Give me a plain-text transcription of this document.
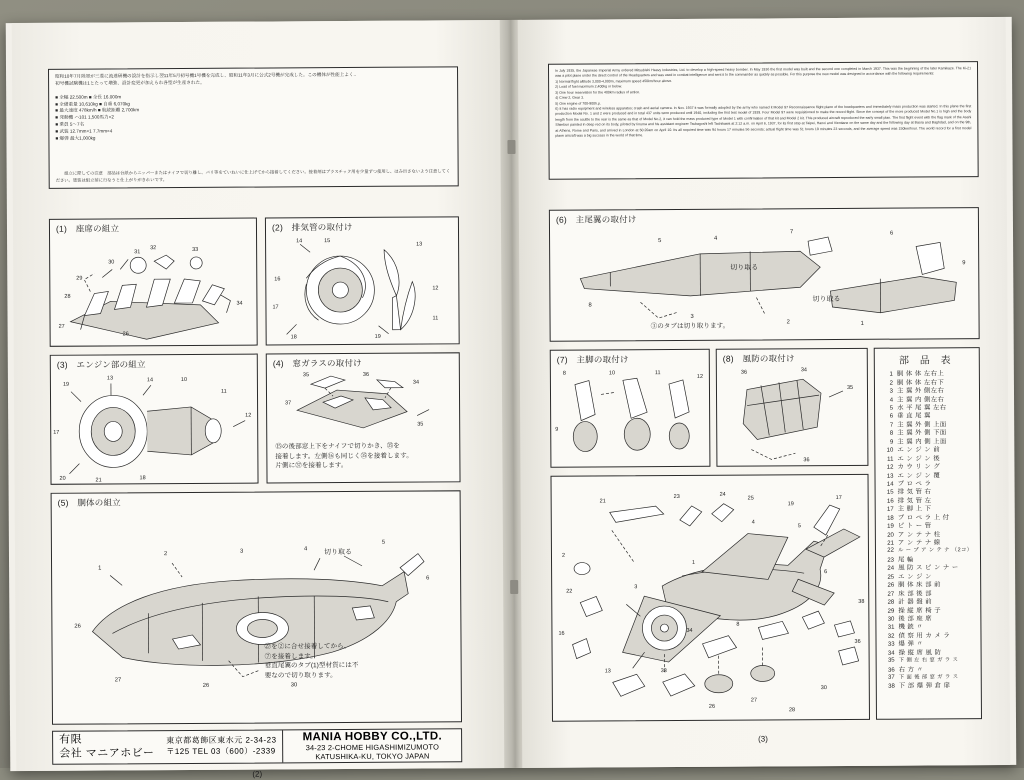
昭和10年7月陸軍が三菱に流達研機の設計を指示し翌11年5月初号機1号機を完成し、昭和11年3月に公式2号機が完成した。この機体が性能上よく..
初号機試験機は1とたって増強、設計変更が加えられ各型が生産された。

■ 全幅 22.500m ■ 全長 16.000m
■ 全備重量 10,610kg ■ 自重 6,070kg
■ 最大速度 478km/h ■ 航続距離 2,700km
■ 発動機 ハ101 1,500馬力×2
■ 乗員 5〜7名
■ 武装 12.7mm×1 7.7mm×4
■ 爆弾 最大1,000kg
　　組立に際しての注意　部品は台紙からニッパーまたはナイフで切り離し、バリ等をていねいに仕上げてから接着してください。接着剤はプラスチック用を少量ずつ使用し、はみ出さないよう注意してください。塗装は組立前に行なうと仕上がりがきれいです。
(1)　座席の組立
31
32	33
30
29
28
27
26
34
(2)　排気管の取付け
14	15
13
16
17
18	19
12
11
(3)　エンジン部の組立
19
13	14	10
11
12
20	21	18
17
(4)　窓ガラスの取付け
35	36
34
37
35
⑮の後部窓上下をナイフで切りかき、㉟を
接着します。左側⑯も同じく㉟を接着します。
片側に㊲を接着します。
(5)　胴体の組立
1
2	3	4
5
26
27
26	30
6
切り取る
㉗を②に合せ接着してから、
⑦を接着します。
垂直尾翼のタブ(1)型材質には不
要なので切り取ります。
有限
会社 マニアホビー
東京都葛飾区東水元 2-34-23
〒125 TEL 03（600）-2339
MANIA HOBBY CO.,LTD.
34-23 2-CHOME HIGASHIMIZUMOTO
KATUSHIKA-KU, TOKYO JAPAN
(2)
In July 1935, the Japanese Imperial Army ordered Mitsubishi Heavy Industries, Ltd. to develop a high-speed heavy bomber. In May 1936 the first model was built and the second one completed in March 1937. This was the beginning of the later Kamikaze. The Ki-21 was a pilot plane under the direct control of the Headquarters and was used in combat intelligence and sent it to the commander as quickly as possible. For this purpose the new model was designed in accordance with the following requirements:
1) Normal flight altitude 3,000-4,000m, maximum speed 450km/hour above.
2) Load of fuel maximum 2,400kg or below.
3) One hour reservation for the 400km radius of action.
4) Crew 2, Gear 3.
5) One engine of 700-900h.p.
6) It has radio equipment and wireless apparatus; crash and aerial camera. In Nov. 1937 it was formally adopted by the army who named it Model 97 Reconnaissance flight plane of the headquarters and immediately mass production was started. In this plane the first production Model No. 1 and 2 were produced and in total 437 units were produced until 1940, including the first test model of 1939. Four Model 97 were requisitioned to make the record flight. Since the concept of the more produced Model No.1 is high and the body length from the scuttle to the rear is the same as that of Model No.2, it can hold the mass produced type of Model 1 with confirmation of that kit and Model 2 kit. This produced aircraft reproduced the early small plan. The first flight event with the flag mark of the Asahi Shimbun painted in deep red on its body, piloted by Iinuma and his assistant engineer Tsukagoshi left Tachikawa at 2:12 a.m. on April 6, 1937, for its first stop at Taipei, Hanoi and Vientiane on the same day and the following day at Basra and Baghdad, and on the 9th, at Athens, Rome and Paris, and arrived in London at 50:20am on April 10. Its all required time was 94 hours 17 minutes 56 seconds; actual flight time was 51 hours 19 minutes 23 seconds, and the average speed was 150km/hour. The world record for a first model plane aircraft was a big success in the world of that time.
(6)　主尾翼の取付け
5	4
7	6
9
8
3
2	1
切り取る
切り取る
③のタブは切り取ります。
(7)　主脚の取付け
8	10	11
12
9
(8)　風防の取付け
36	34
35
36
部 品 表
1 胴 体 体 左右上
2 胴 体 体 左右下
3 主 翼 外 側左右
4 主 翼 内 側左右
5 水 平 尾 翼 左右
6 垂 直 尾 翼
7 主 翼 外 側 上面
8 主 翼 外 側 下面
9 主 翼 内 側 上面
10 エ ン ジ ン 前
11 エ ン ジ ン 後
12 カ ウ リ ン グ
13 エ ン ジ ン 覆
14 プ ロ ペ ラ
15 排 気 管 右
16 排 気 管 左
17 主 脚 上 下
18 プ ロ ペ ラ 上 付
19 ピ ト ー 管
20 ア ン テ ナ 柱
21 ア ン テ ナ 線
22 ル ー プ ア ン テ ナ （2コ）
23 尾 輪
24 風 防 ス ピ ン ナ ー
25 エ ン ジ ン
26 胴 体 床 部 前
27 床 部 後 部
28 計 器 盤 前
29 操 縦 席 椅 子
30 後 部 座 席
31 機 銃 〃
32 偵 察 用 カ メ ラ
33 爆 弾 〃
34 操 縦 席 風 防
35 下 側 左 右 窓 ガ ラ ス
36 右 方 〃
37 下 面 後 部 窓 ガ ラ ス
38 下 部 爆 弾 倉 扉
24
21
23	25
19
17
2
22
16
13	33
26
27
28
30
36
38
5
4
1
3
6
34
8
(3)
